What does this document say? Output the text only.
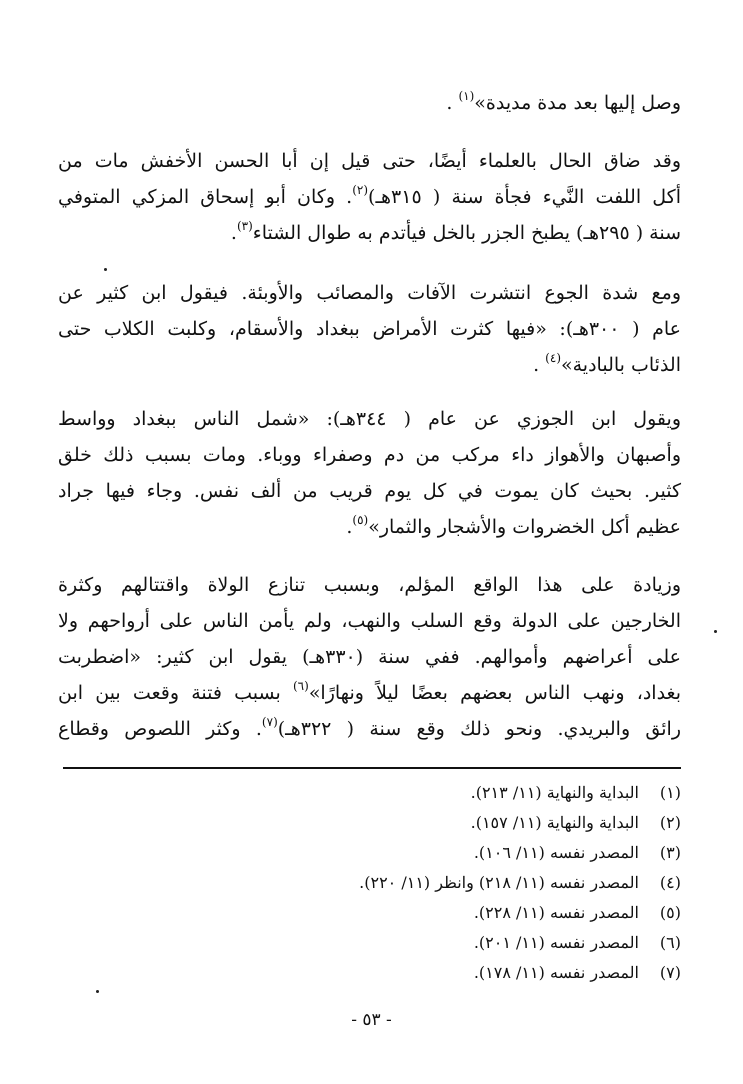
وصل إليها بعد مدة مديدة»$^{(١)}$ .
وقد ضاق الحال بالعلماء أيضًا، حتى قيل إن أبا الحسن الأخفش مات من
أكل اللفت النَّيء فجأة سنة ( ٣١٥هـ)$^{(٢)}$. وكان أبو إسحاق المزكي المتوفي
سنة ( ٢٩٥هـ) يطبخ الجزر بالخل فيأتدم به طوال الشتاء$^{(٣)}$.
ومع شدة الجوع انتشرت الآفات والمصائب والأوبئة. فيقول ابن كثير عن
عام ( ٣٠٠هـ): «فيها كثرت الأمراض ببغداد والأسقام، وكلبت الكلاب حتى
الذئاب بالبادية»$^{(٤)}$ .
ويقول ابن الجوزي عن عام ( ٣٤٤هـ): «شمل الناس ببغداد وواسط
وأصبهان والأهواز داء مركب من دم وصفراء ووباء. ومات بسبب ذلك خلق
كثير. بحيث كان يموت في كل يوم قريب من ألف نفس. وجاء فيها جراد
عظيم أكل الخضروات والأشجار والثمار»$^{(٥)}$.
وزيادة على هذا الواقع المؤلم، وبسبب تنازع الولاة واقتتالهم وكثرة
الخارجين على الدولة وقع السلب والنهب، ولم يأمن الناس على أرواحهم ولا
على أعراضهم وأموالهم. ففي سنة (٣٣٠هـ) يقول ابن كثير: «اضطربت
بغداد، ونهب الناس بعضهم بعضًا ليلاً ونهارًا»$^{(٦)}$ بسبب فتنة وقعت بين ابن
رائق والبريدي. ونحو ذلك وقع سنة ( ٣٢٢هـ)$^{(٧)}$. وكثر اللصوص وقطاع
(١)البداية والنهاية (١١/ ٢١٣).
(٢)البداية والنهاية (١١/ ١٥٧).
(٣)المصدر نفسه (١١/ ١٠٦).
(٤)المصدر نفسه (١١/ ٢١٨) وانظر (١١/ ٢٢٠).
(٥)المصدر نفسه (١١/ ٢٢٨).
(٦)المصدر نفسه (١١/ ٢٠١).
(٧)المصدر نفسه (١١/ ١٧٨).
- ٥٣ -
